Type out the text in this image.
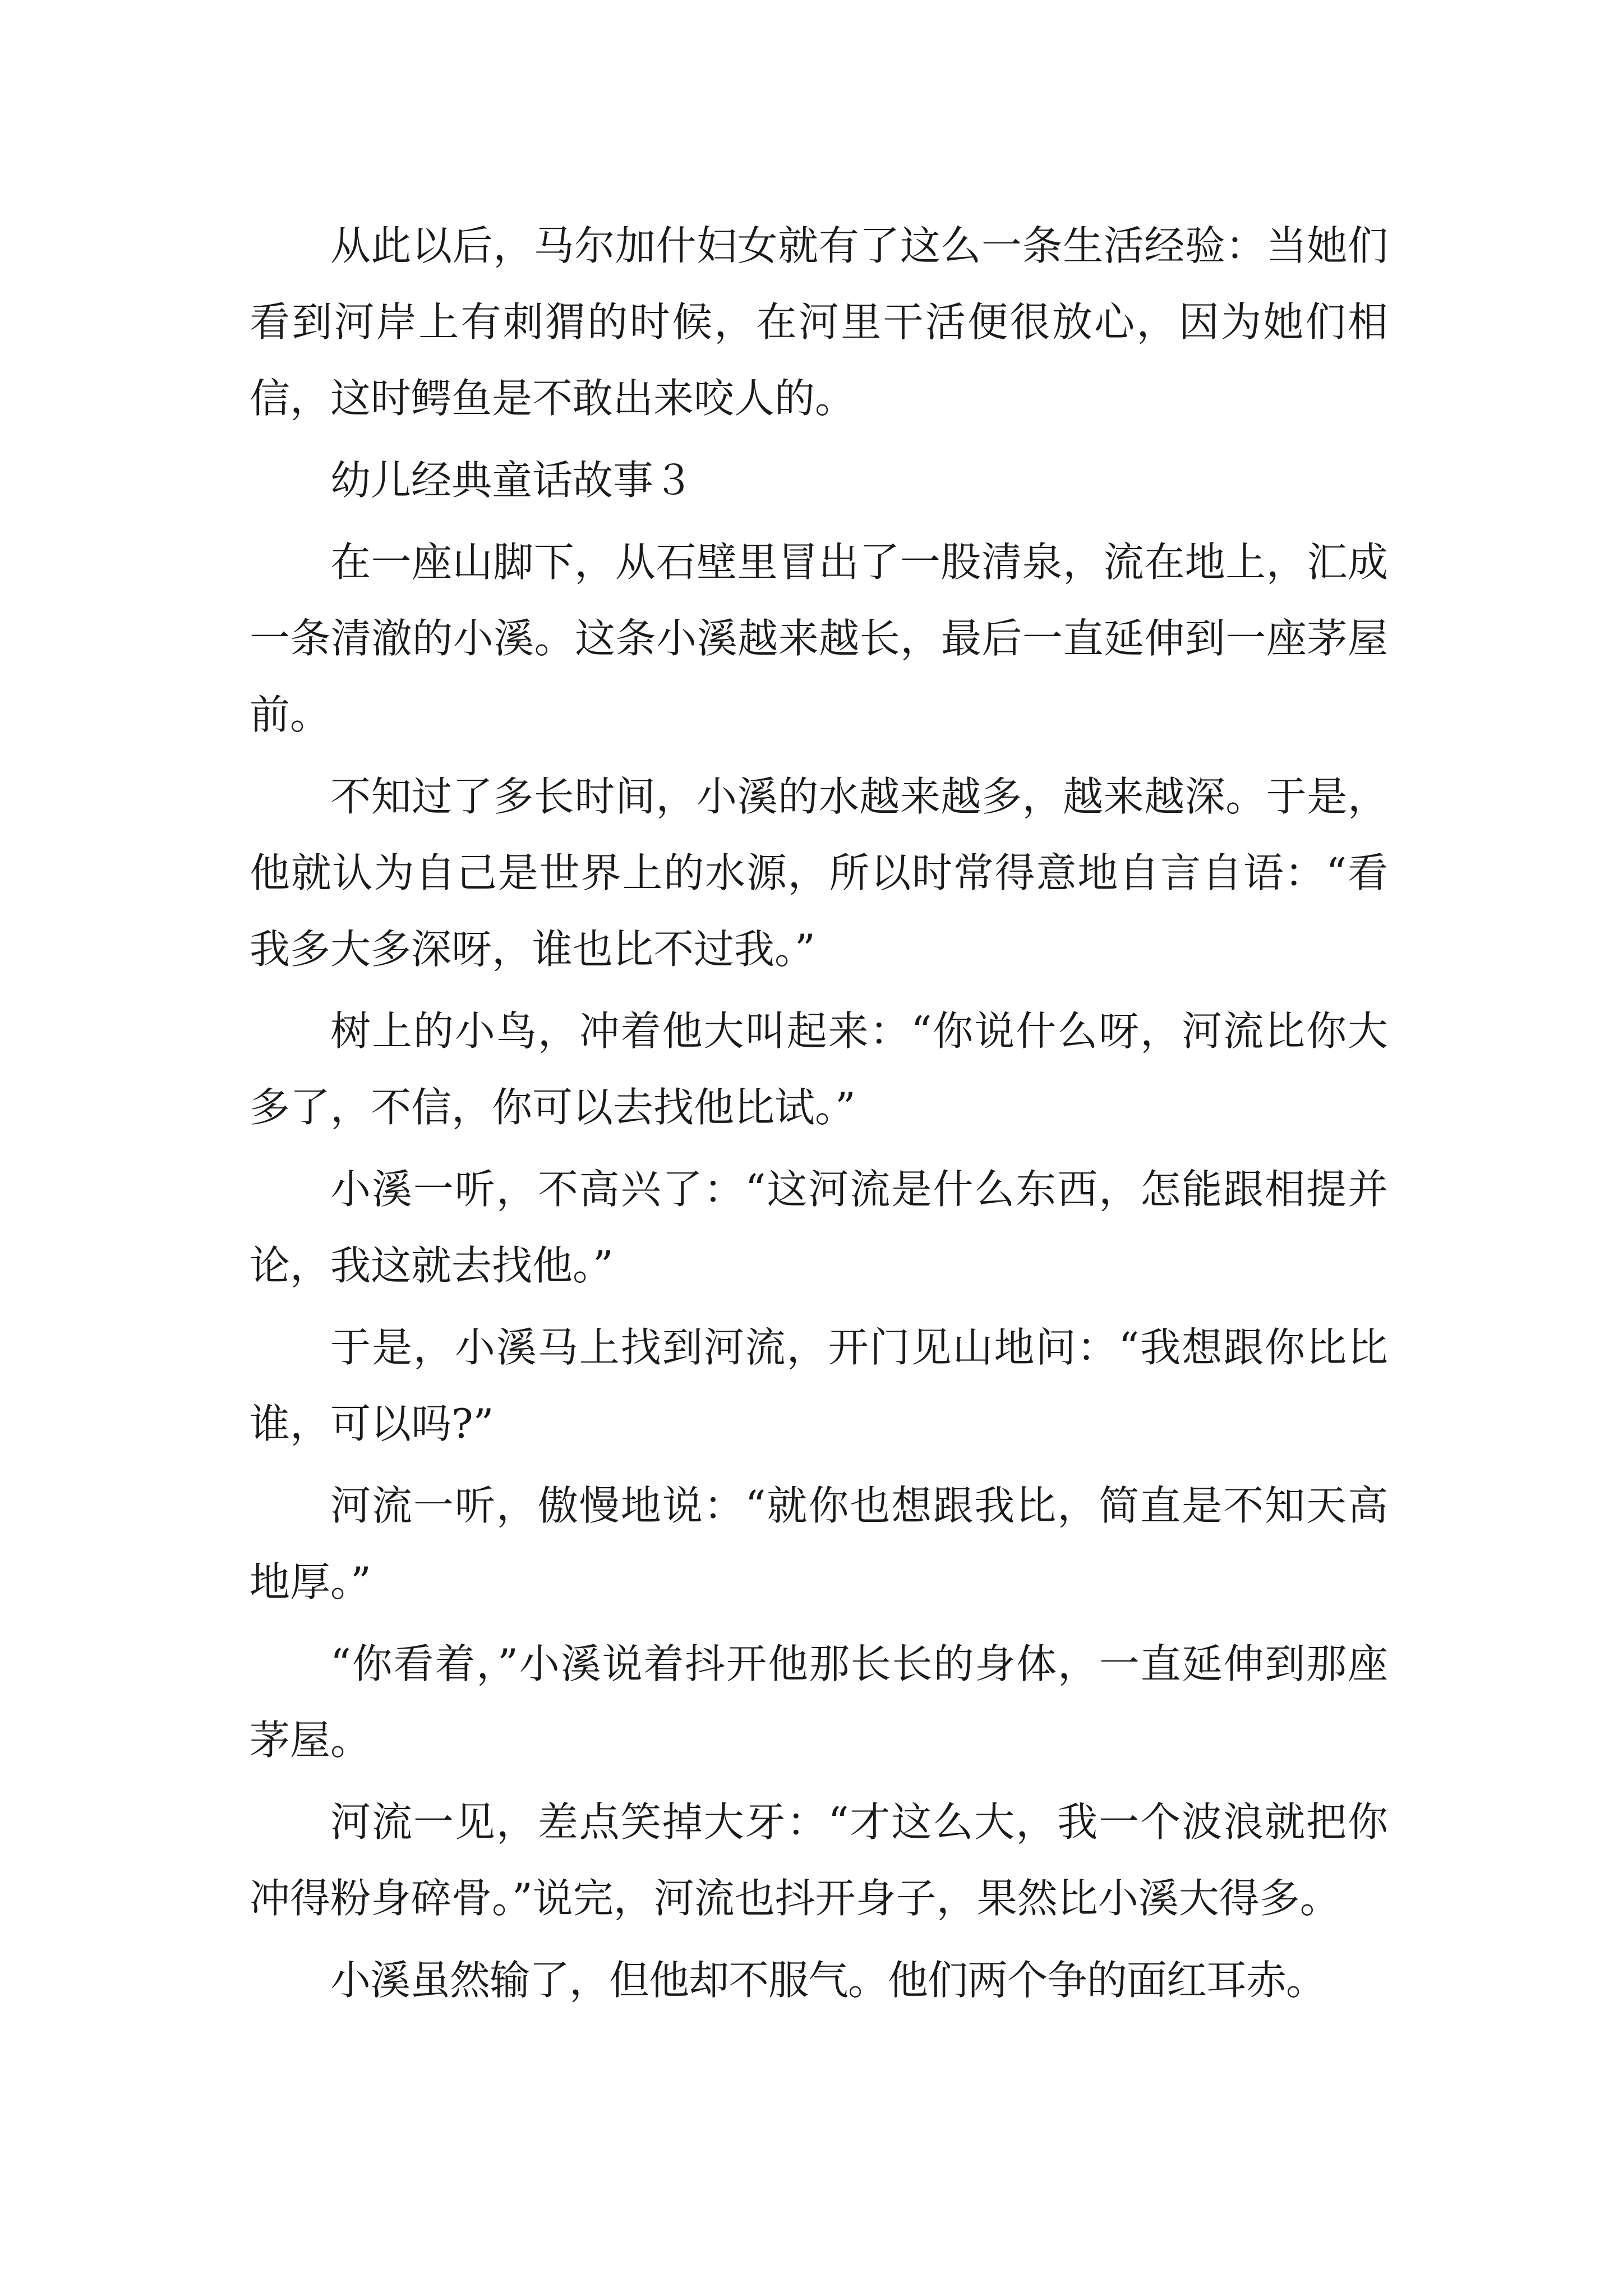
从此以后，马尔加什妇女就有了这么一条生活经验：当她们看到河岸上有刺猬的时候，在河里干活便很放心，因为她们相信，这时鳄鱼是不敢出来咬人的。

幼儿经典童话故事３

在一座山脚下，从石壁里冒出了一股清泉，流在地上，汇成一条清澈的小溪。这条小溪越来越长，最后一直延伸到一座茅屋前。

不知过了多长时间，小溪的水越来越多，越来越深。于是，他就认为自己是世界上的水源，所以时常得意地自言自语：“看我多大多深呀，谁也比不过我。”

树上的小鸟，冲着他大叫起来：“你说什么呀，河流比你大多了，不信，你可以去找他比试。”

小溪一听，不高兴了：“这河流是什么东西，怎能跟相提并论，我这就去找他。”

于是，小溪马上找到河流，开门见山地问：“我想跟你比比谁，可以吗?”

河流一听，傲慢地说：“就你也想跟我比，简直是不知天高地厚。”

“你看着，”小溪说着抖开他那长长的身体，一直延伸到那座茅屋。

河流一见，差点笑掉大牙：“才这么大，我一个波浪就把你冲得粉身碎骨。”说完，河流也抖开身子，果然比小溪大得多。

小溪虽然输了，但他却不服气。他们两个争的面红耳赤。
